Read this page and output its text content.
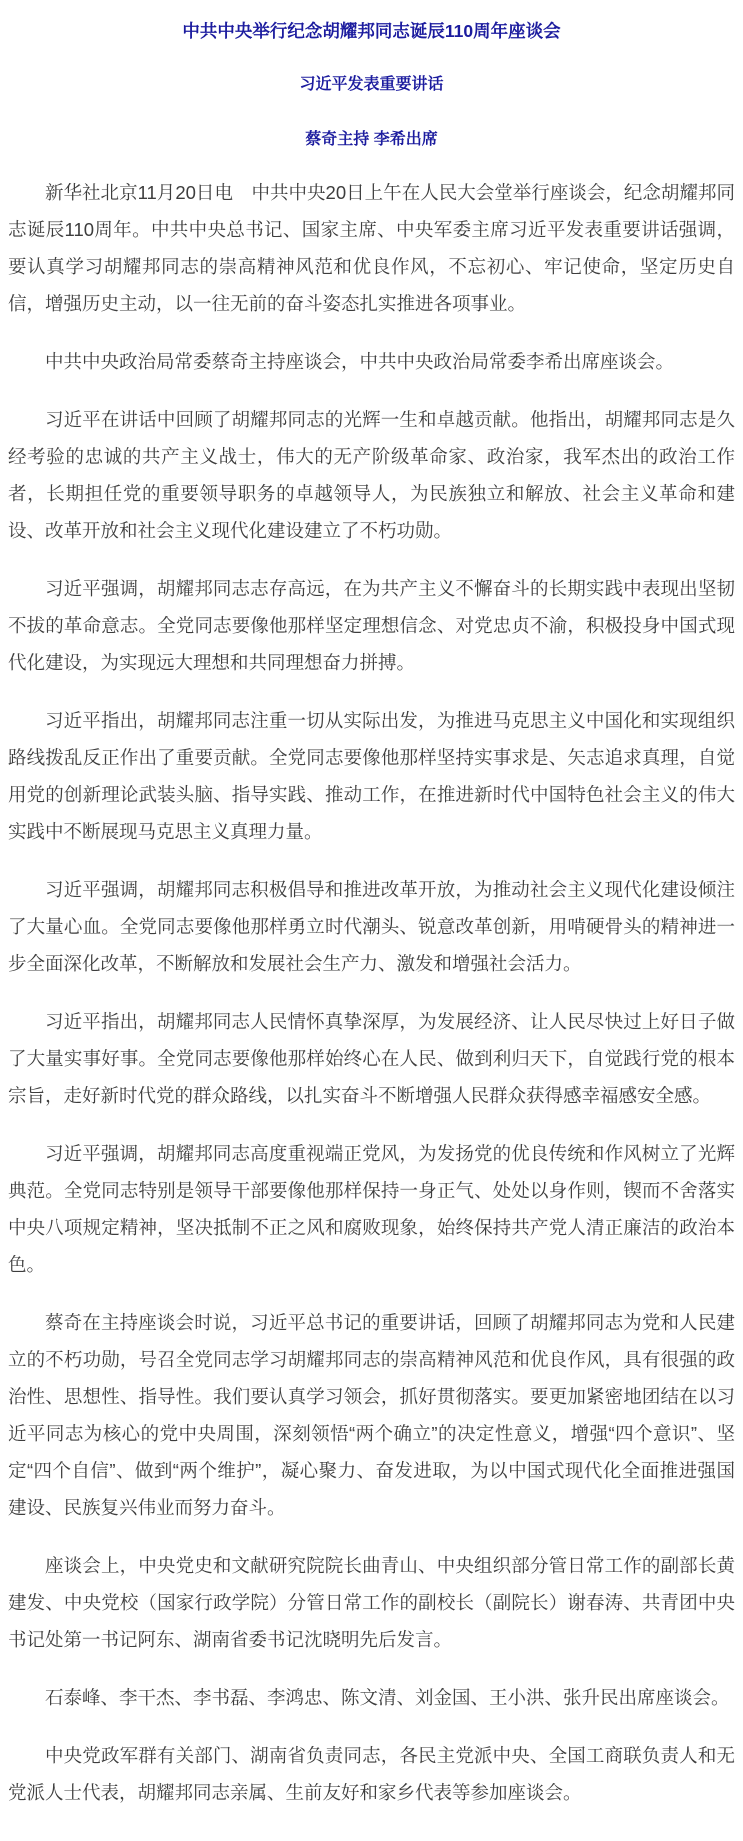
中共中央举行纪念胡耀邦同志诞辰110周年座谈会
习近平发表重要讲话
蔡奇主持 李希出席

新华社北京11月20日电　中共中央20日上午在人民大会堂举行座谈会，纪念胡耀邦同志诞辰110周年。中共中央总书记、国家主席、中央军委主席习近平发表重要讲话强调，要认真学习胡耀邦同志的崇高精神风范和优良作风，不忘初心、牢记使命，坚定历史自信，增强历史主动，以一往无前的奋斗姿态扎实推进各项事业。

中共中央政治局常委蔡奇主持座谈会，中共中央政治局常委李希出席座谈会。

习近平在讲话中回顾了胡耀邦同志的光辉一生和卓越贡献。他指出，胡耀邦同志是久经考验的忠诚的共产主义战士，伟大的无产阶级革命家、政治家，我军杰出的政治工作者，长期担任党的重要领导职务的卓越领导人，为民族独立和解放、社会主义革命和建设、改革开放和社会主义现代化建设建立了不朽功勋。

习近平强调，胡耀邦同志志存高远，在为共产主义不懈奋斗的长期实践中表现出坚韧不拔的革命意志。全党同志要像他那样坚定理想信念、对党忠贞不渝，积极投身中国式现代化建设，为实现远大理想和共同理想奋力拼搏。

习近平指出，胡耀邦同志注重一切从实际出发，为推进马克思主义中国化和实现组织路线拨乱反正作出了重要贡献。全党同志要像他那样坚持实事求是、矢志追求真理，自觉用党的创新理论武装头脑、指导实践、推动工作，在推进新时代中国特色社会主义的伟大实践中不断展现马克思主义真理力量。

习近平强调，胡耀邦同志积极倡导和推进改革开放，为推动社会主义现代化建设倾注了大量心血。全党同志要像他那样勇立时代潮头、锐意改革创新，用啃硬骨头的精神进一步全面深化改革，不断解放和发展社会生产力、激发和增强社会活力。

习近平指出，胡耀邦同志人民情怀真挚深厚，为发展经济、让人民尽快过上好日子做了大量实事好事。全党同志要像他那样始终心在人民、做到利归天下，自觉践行党的根本宗旨，走好新时代党的群众路线，以扎实奋斗不断增强人民群众获得感幸福感安全感。

习近平强调，胡耀邦同志高度重视端正党风，为发扬党的优良传统和作风树立了光辉典范。全党同志特别是领导干部要像他那样保持一身正气、处处以身作则，锲而不舍落实中央八项规定精神，坚决抵制不正之风和腐败现象，始终保持共产党人清正廉洁的政治本色。

蔡奇在主持座谈会时说，习近平总书记的重要讲话，回顾了胡耀邦同志为党和人民建立的不朽功勋，号召全党同志学习胡耀邦同志的崇高精神风范和优良作风，具有很强的政治性、思想性、指导性。我们要认真学习领会，抓好贯彻落实。要更加紧密地团结在以习近平同志为核心的党中央周围，深刻领悟“两个确立”的决定性意义，增强“四个意识”、坚定“四个自信”、做到“两个维护”，凝心聚力、奋发进取，为以中国式现代化全面推进强国建设、民族复兴伟业而努力奋斗。

座谈会上，中央党史和文献研究院院长曲青山、中央组织部分管日常工作的副部长黄建发、中央党校（国家行政学院）分管日常工作的副校长（副院长）谢春涛、共青团中央书记处第一书记阿东、湖南省委书记沈晓明先后发言。

石泰峰、李干杰、李书磊、李鸿忠、陈文清、刘金国、王小洪、张升民出席座谈会。

中央党政军群有关部门、湖南省负责同志，各民主党派中央、全国工商联负责人和无党派人士代表，胡耀邦同志亲属、生前友好和家乡代表等参加座谈会。
